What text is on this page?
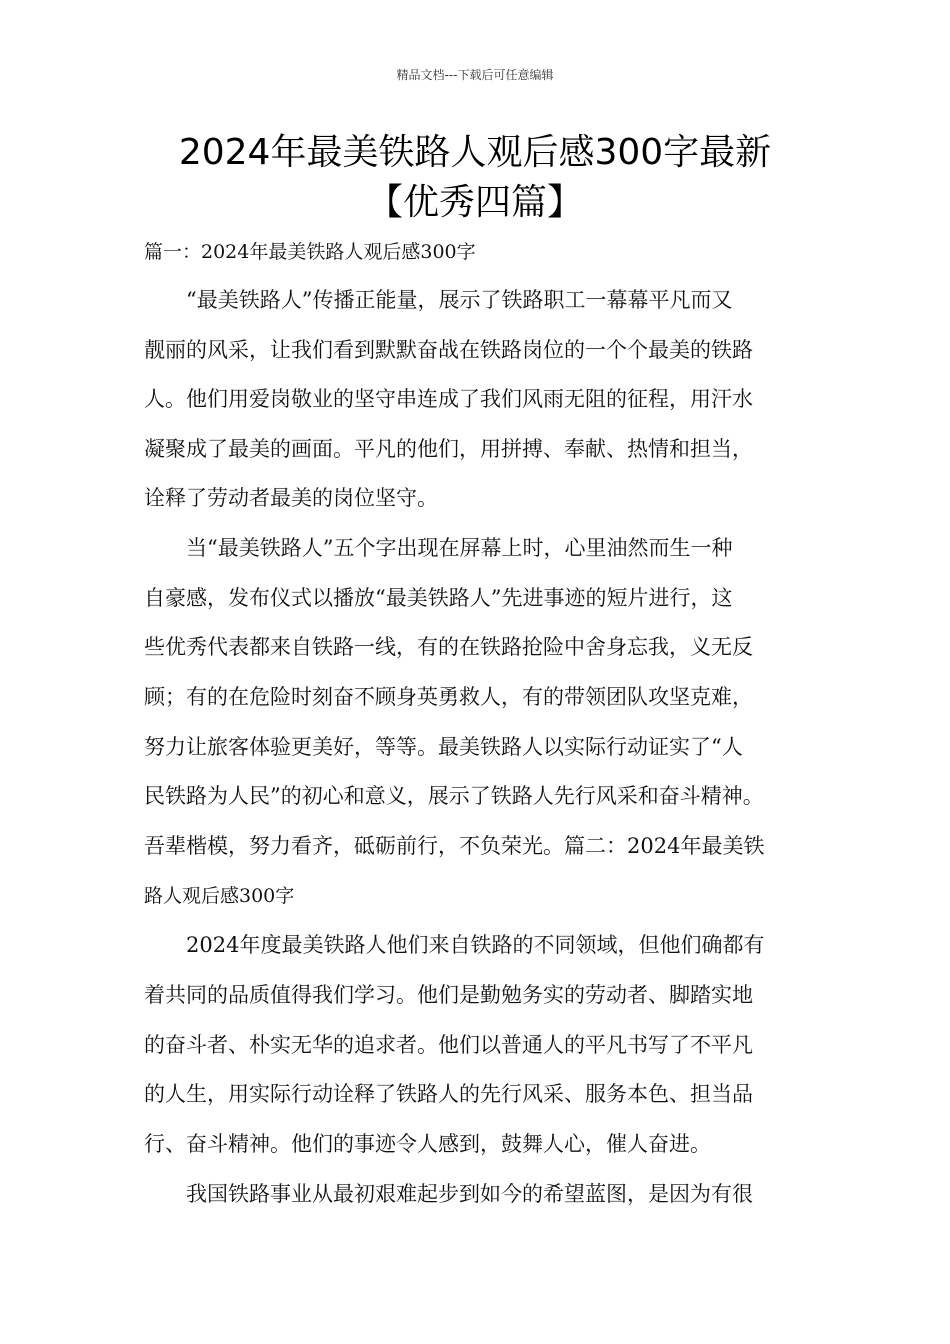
精品文档---下载后可任意编辑
2024年最美铁路人观后感300字最新
【优秀四篇】
篇一：2024年最美铁路人观后感300字
“最美铁路人”传播正能量，展示了铁路职工一幕幕平凡而又
靓丽的风采，让我们看到默默奋战在铁路岗位的一个个最美的铁路
人。他们用爱岗敬业的坚守串连成了我们风雨无阻的征程，用汗水
凝聚成了最美的画面。平凡的他们，用拼搏、奉献、热情和担当，
诠释了劳动者最美的岗位坚守。
当“最美铁路人”五个字出现在屏幕上时，心里油然而生一种
自豪感，发布仪式以播放“最美铁路人”先进事迹的短片进行，这
些优秀代表都来自铁路一线，有的在铁路抢险中舍身忘我，义无反
顾；有的在危险时刻奋不顾身英勇救人，有的带领团队攻坚克难，
努力让旅客体验更美好，等等。最美铁路人以实际行动证实了“人
民铁路为人民”的初心和意义，展示了铁路人先行风采和奋斗精神。
吾辈楷模，努力看齐，砥砺前行，不负荣光。篇二：2024年最美铁
路人观后感300字
2024年度最美铁路人他们来自铁路的不同领域，但他们确都有
着共同的品质值得我们学习。他们是勤勉务实的劳动者、脚踏实地
的奋斗者、朴实无华的追求者。他们以普通人的平凡书写了不平凡
的人生，用实际行动诠释了铁路人的先行风采、服务本色、担当品
行、奋斗精神。他们的事迹令人感到，鼓舞人心，催人奋进。
我国铁路事业从最初艰难起步到如今的希望蓝图，是因为有很
